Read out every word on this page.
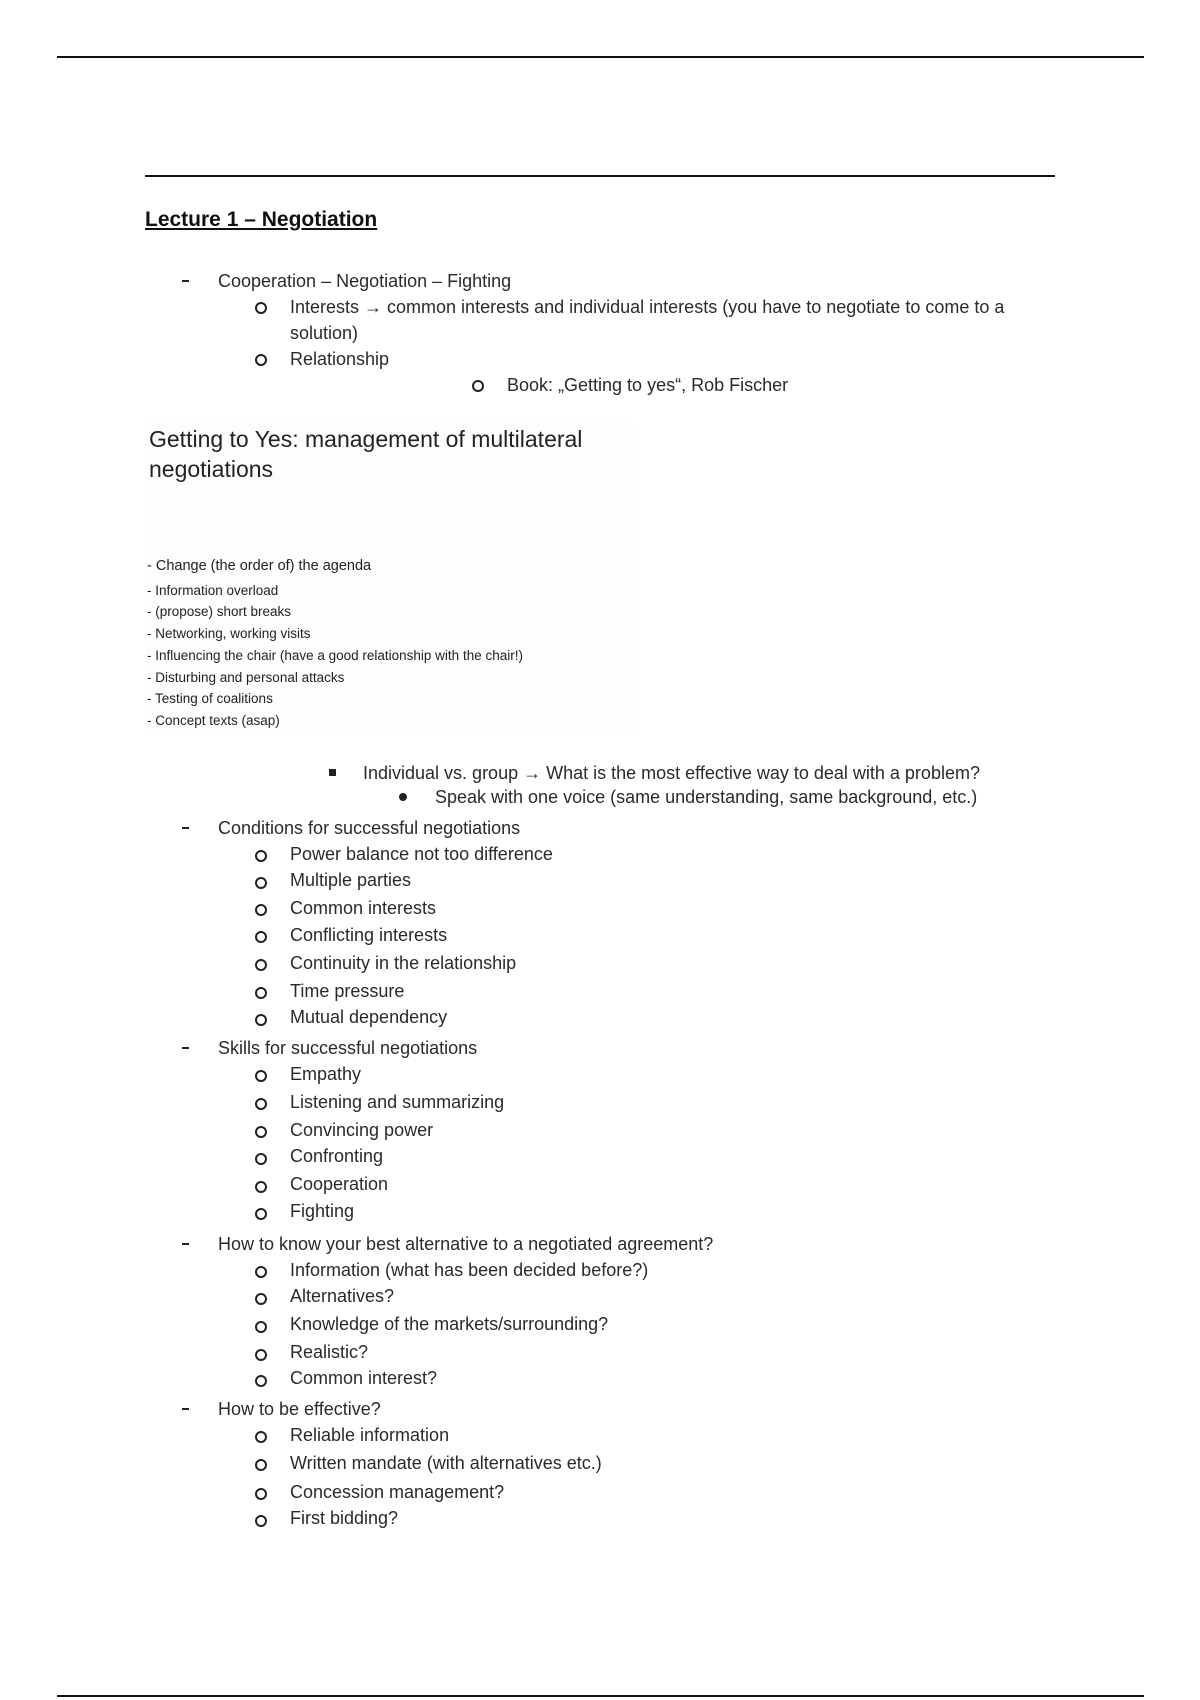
Lecture 1 – Negotiation
Cooperation – Negotiation – Fighting
Interests → common interests and individual interests (you have to negotiate to come to a
solution)
Relationship
Book: „Getting to yes“, Rob Fischer
Getting to Yes: management of multilateral negotiations
- Change (the order of) the agenda
- Information overload
- (propose) short breaks
- Networking, working visits
- Influencing the chair (have a good relationship with the chair!)
- Disturbing and personal attacks
- Testing of coalitions
- Concept texts (asap)
Individual vs. group → What is the most effective way to deal with a problem?
Speak with one voice (same understanding, same background, etc.)
Conditions for successful negotiations
Power balance not too difference
Multiple parties
Common interests
Conflicting interests
Continuity in the relationship
Time pressure
Mutual dependency
Skills for successful negotiations
Empathy
Listening and summarizing
Convincing power
Confronting
Cooperation
Fighting
How to know your best alternative to a negotiated agreement?
Information (what has been decided before?)
Alternatives?
Knowledge of the markets/surrounding?
Realistic?
Common interest?
How to be effective?
Reliable information
Written mandate (with alternatives etc.)
Concession management?
First bidding?
